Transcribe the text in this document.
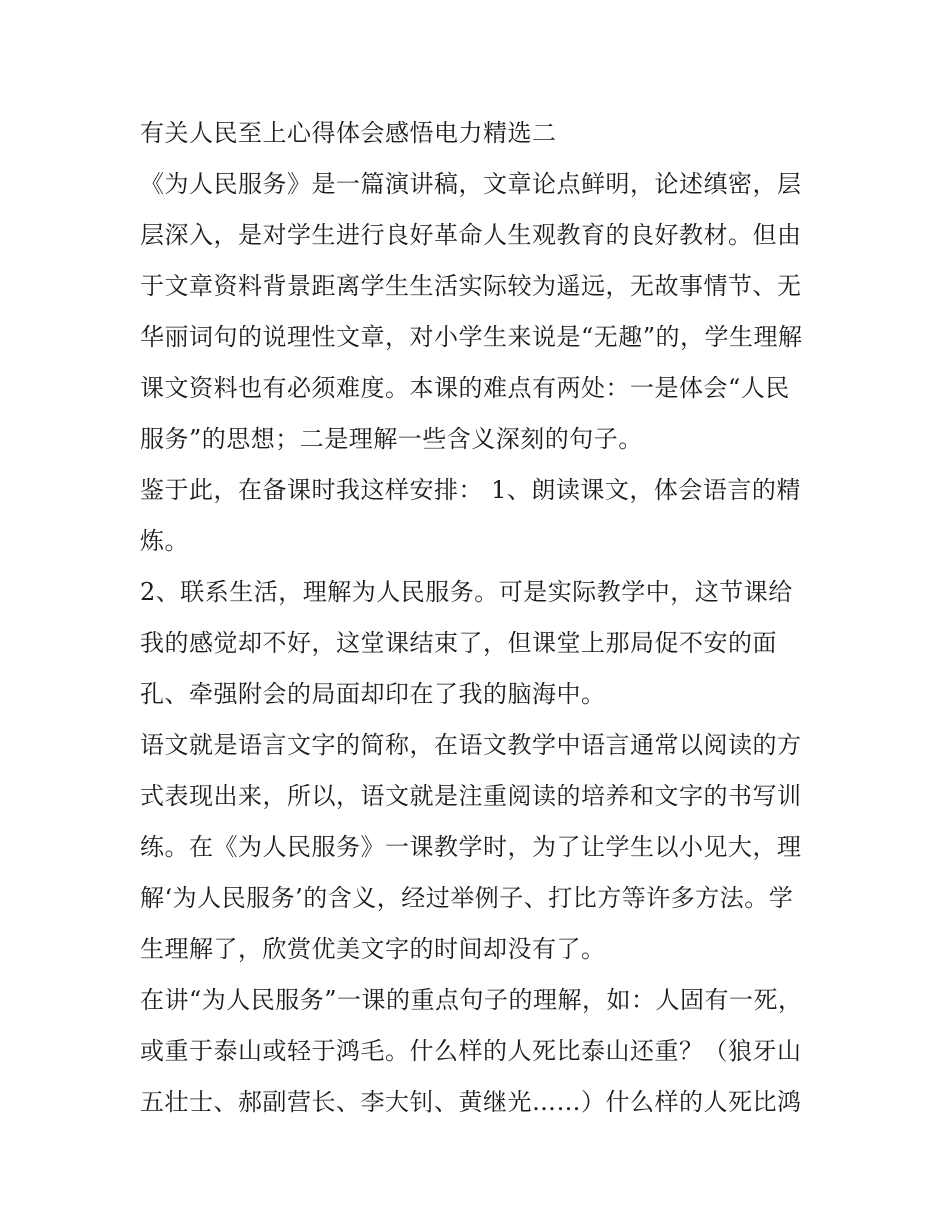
有关人民至上心得体会感悟电力精选二
《为人民服务》是一篇演讲稿，文章论点鲜明，论述缜密，层
层深入，是对学生进行良好革命人生观教育的良好教材。但由
于文章资料背景距离学生生活实际较为遥远，无故事情节、无
华丽词句的说理性文章，对小学生来说是“无趣”的，学生理解
课文资料也有必须难度。本课的难点有两处：一是体会“人民
服务”的思想；二是理解一些含义深刻的句子。
鉴于此，在备课时我这样安排： 1、朗读课文，体会语言的精
炼。
2、联系生活，理解为人民服务。可是实际教学中，这节课给
我的感觉却不好，这堂课结束了，但课堂上那局促不安的面
孔、牵强附会的局面却印在了我的脑海中。
语文就是语言文字的简称，在语文教学中语言通常以阅读的方
式表现出来，所以，语文就是注重阅读的培养和文字的书写训
练。在《为人民服务》一课教学时，为了让学生以小见大，理
解‘为人民服务’的含义，经过举例子、打比方等许多方法。学
生理解了，欣赏优美文字的时间却没有了。
在讲“为人民服务”一课的重点句子的理解，如：人固有一死，
或重于泰山或轻于鸿毛。什么样的人死比泰山还重？（狼牙山
五壮士、郝副营长、李大钊、黄继光……）什么样的人死比鸿
